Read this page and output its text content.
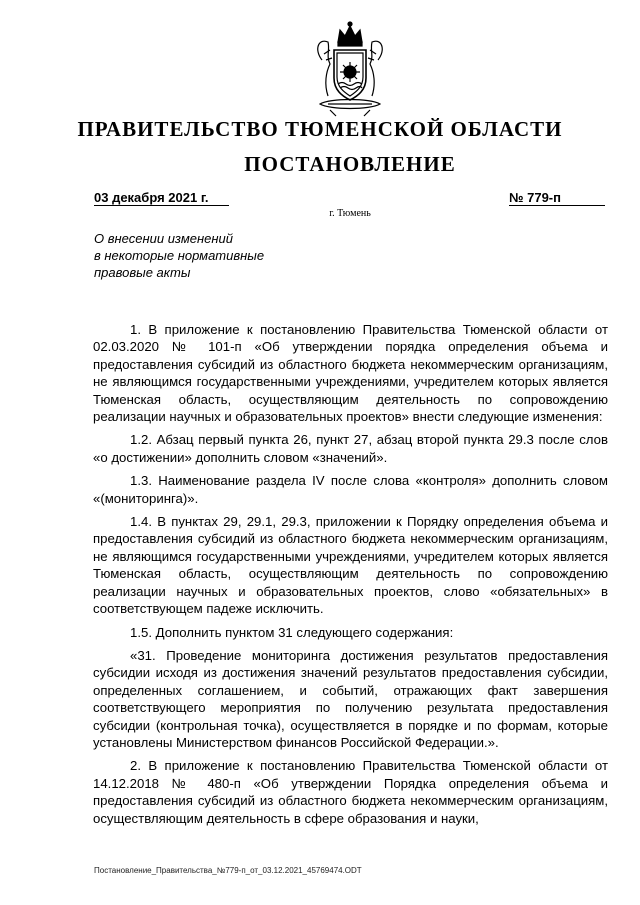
ПРАВИТЕЛЬСТВО ТЮМЕНСКОЙ ОБЛАСТИ
ПОСТАНОВЛЕНИЕ
03 декабря 2021 г.	№ 779-п
г. Тюмень
О внесении изменений
в некоторые нормативные
правовые акты

1. В приложение к постановлению Правительства Тюменской области от 02.03.2020 № 101-п «Об утверждении порядка определения объема и предоставления субсидий из областного бюджета некоммерческим организациям, не являющимся государственными учреждениями, учредителем которых является Тюменская область, осуществляющим деятельность по сопровождению реализации научных и образовательных проектов» внести следующие изменения:

1.2. Абзац первый пункта 26, пункт 27, абзац второй пункта 29.3 после слов «о достижении» дополнить словом «значений».

1.3. Наименование раздела IV после слова «контроля» дополнить словом «(мониторинга)».

1.4. В пунктах 29, 29.1, 29.3, приложении к Порядку определения объема и предоставления субсидий из областного бюджета некоммерческим организациям, не являющимся государственными учреждениями, учредителем которых является Тюменская область, осуществляющим деятельность по сопровождению реализации научных и образовательных проектов, слово «обязательных» в соответствующем падеже исключить.

1.5. Дополнить пунктом 31 следующего содержания:

«31. Проведение мониторинга достижения результатов предоставления субсидии исходя из достижения значений результатов предоставления субсидии, определенных соглашением, и событий, отражающих факт завершения соответствующего мероприятия по получению результата предоставления субсидии (контрольная точка), осуществляется в порядке и по формам, которые установлены Министерством финансов Российской Федерации.».

2. В приложение к постановлению Правительства Тюменской области от 14.12.2018 № 480-п «Об утверждении Порядка определения объема и предоставления субсидий из областного бюджета некоммерческим организациям, осуществляющим деятельность в сфере образования и науки,

Постановление_Правительства_№779-п_от_03.12.2021_45769474.ODT
